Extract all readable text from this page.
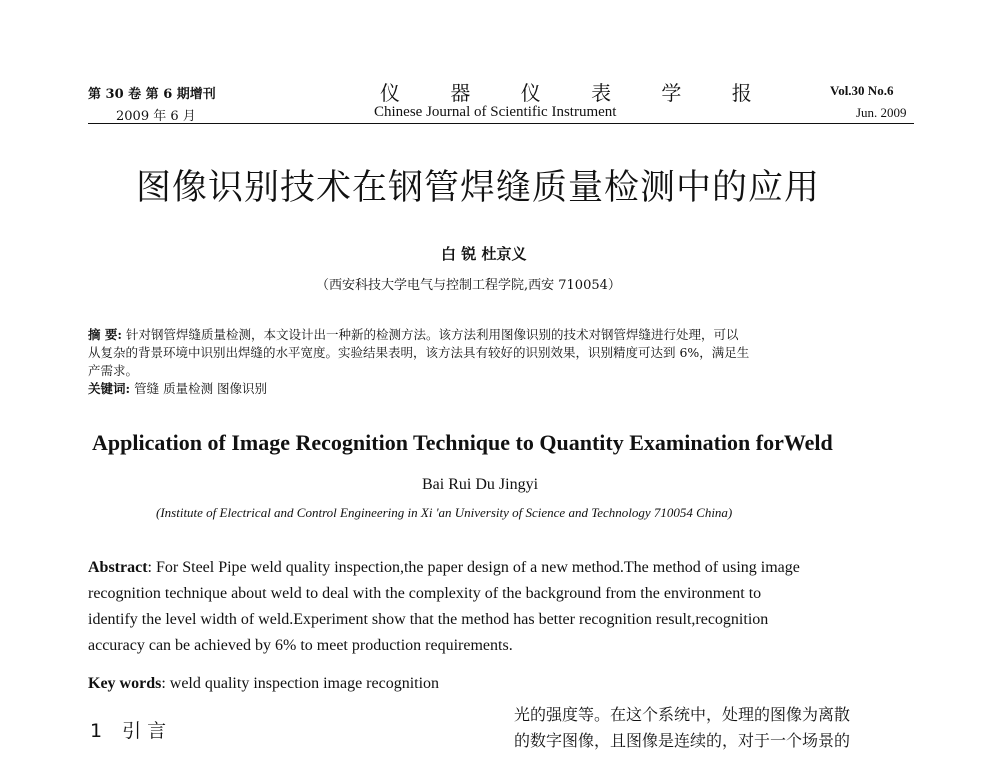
第 30 卷 第 6 期增刊
2009 年 6 月
仪 器 仪 表 学 报
Chinese Journal of Scientific Instrument
Vol.30 No.6
Jun. 2009
图像识别技术在钢管焊缝质量检测中的应用
白 锐 杜京义
（西安科技大学电气与控制工程学院,西安 710054）
摘 要: 针对钢管焊缝质量检测，本文设计出一种新的检测方法。该方法利用图像识别的技术对钢管焊缝进行处理，可以
从复杂的背景环境中识别出焊缝的水平宽度。实验结果表明，该方法具有较好的识别效果，识别精度可达到 6%，满足生
产需求。
关键词: 管缝 质量检测 图像识别
Application of Image Recognition Technique to Quantity Examination forWeld
Bai Rui Du Jingyi
(Institute of Electrical and Control Engineering in Xi 'an University of Science and Technology 710054 China)
Abstract: For Steel Pipe weld quality inspection,the paper design of a new method.The method of using image
recognition technique about weld to deal with the complexity of the background from the environment to
identify the level width of weld.Experiment show that the method has better recognition result,recognition
accuracy can be achieved by 6% to meet production requirements.
Key words: weld quality inspection image recognition
1 引 言
光的强度等。在这个系统中，处理的图像为离散
的数字图像，且图像是连续的，对于一个场景的
